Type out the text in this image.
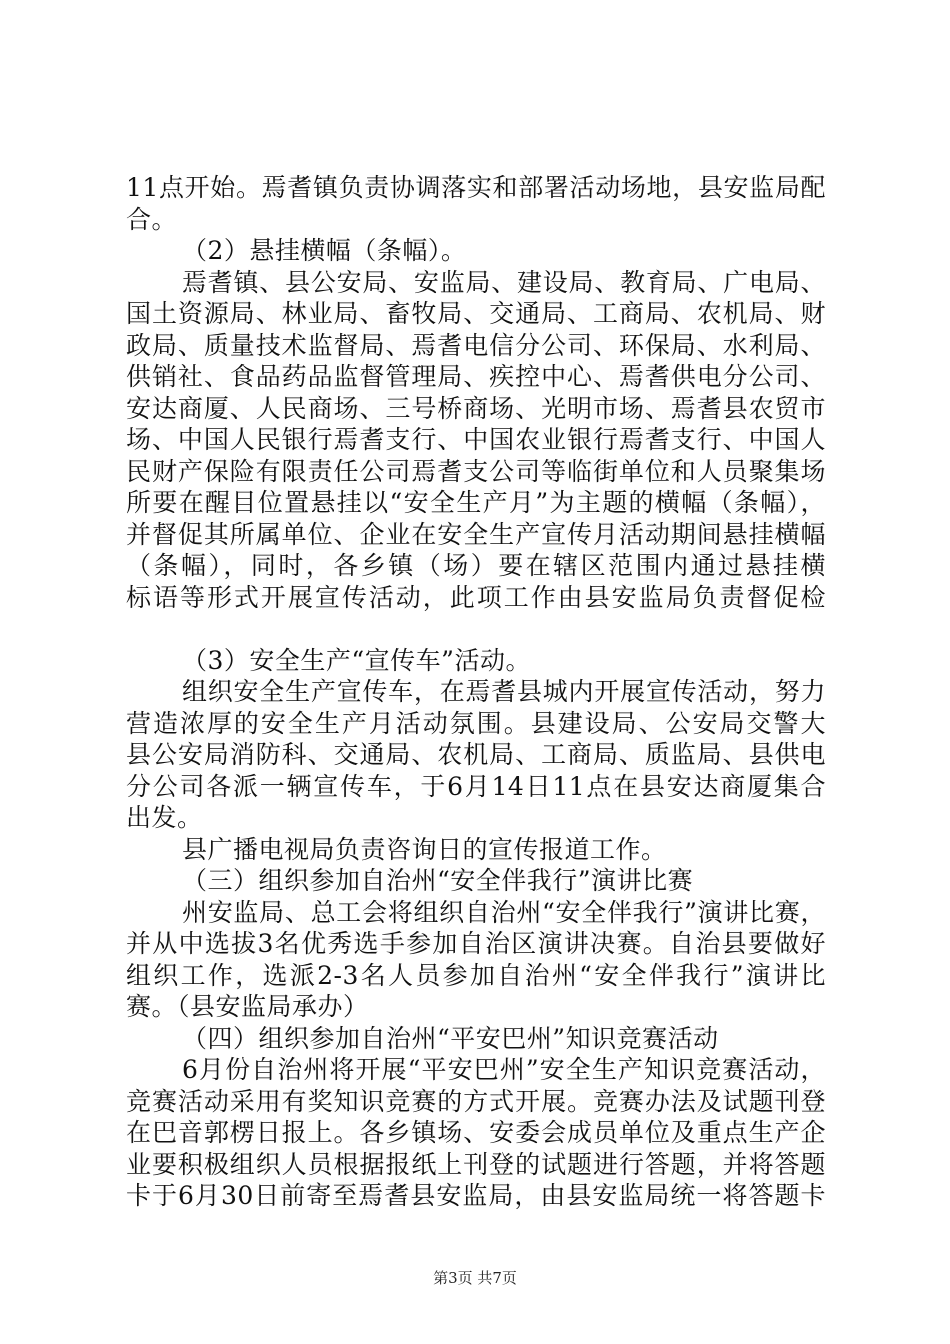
11点开始。焉耆镇负责协调落实和部署活动场地，县安监局配
合。
（2）悬挂横幅（条幅）。
焉耆镇、县公安局、安监局、建设局、教育局、广电局、
国土资源局、林业局、畜牧局、交通局、工商局、农机局、财
政局、质量技术监督局、焉耆电信分公司、环保局、水利局、
供销社、食品药品监督管理局、疾控中心、焉耆供电分公司、
安达商厦、人民商场、三号桥商场、光明市场、焉耆县农贸市
场、中国人民银行焉耆支行、中国农业银行焉耆支行、中国人
民财产保险有限责任公司焉耆支公司等临街单位和人员聚集场
所要在醒目位置悬挂以“安全生产月”为主题的横幅（条幅），
并督促其所属单位、企业在安全生产宣传月活动期间悬挂横幅
（条幅），同时，各乡镇（场）要在辖区范围内通过悬挂横
标语等形式开展宣传活动，此项工作由县安监局负责督促检
（3）安全生产“宣传车”活动。
组织安全生产宣传车，在焉耆县城内开展宣传活动，努力
营造浓厚的安全生产月活动氛围。县建设局、公安局交警大
县公安局消防科、交通局、农机局、工商局、质监局、县供电
分公司各派一辆宣传车，于6月14日11点在县安达商厦集合
出发。
县广播电视局负责咨询日的宣传报道工作。
（三）组织参加自治州“安全伴我行”演讲比赛
州安监局、总工会将组织自治州“安全伴我行”演讲比赛，
并从中选拔3名优秀选手参加自治区演讲决赛。自治县要做好
组织工作，选派2-3名人员参加自治州“安全伴我行”演讲比
赛。（县安监局承办）
（四）组织参加自治州“平安巴州”知识竞赛活动
6月份自治州将开展“平安巴州”安全生产知识竞赛活动，
竞赛活动采用有奖知识竞赛的方式开展。竞赛办法及试题刊登
在巴音郭楞日报上。各乡镇场、安委会成员单位及重点生产企
业要积极组织人员根据报纸上刊登的试题进行答题，并将答题
卡于6月30日前寄至焉耆县安监局，由县安监局统一将答题卡
第3页 共7页
